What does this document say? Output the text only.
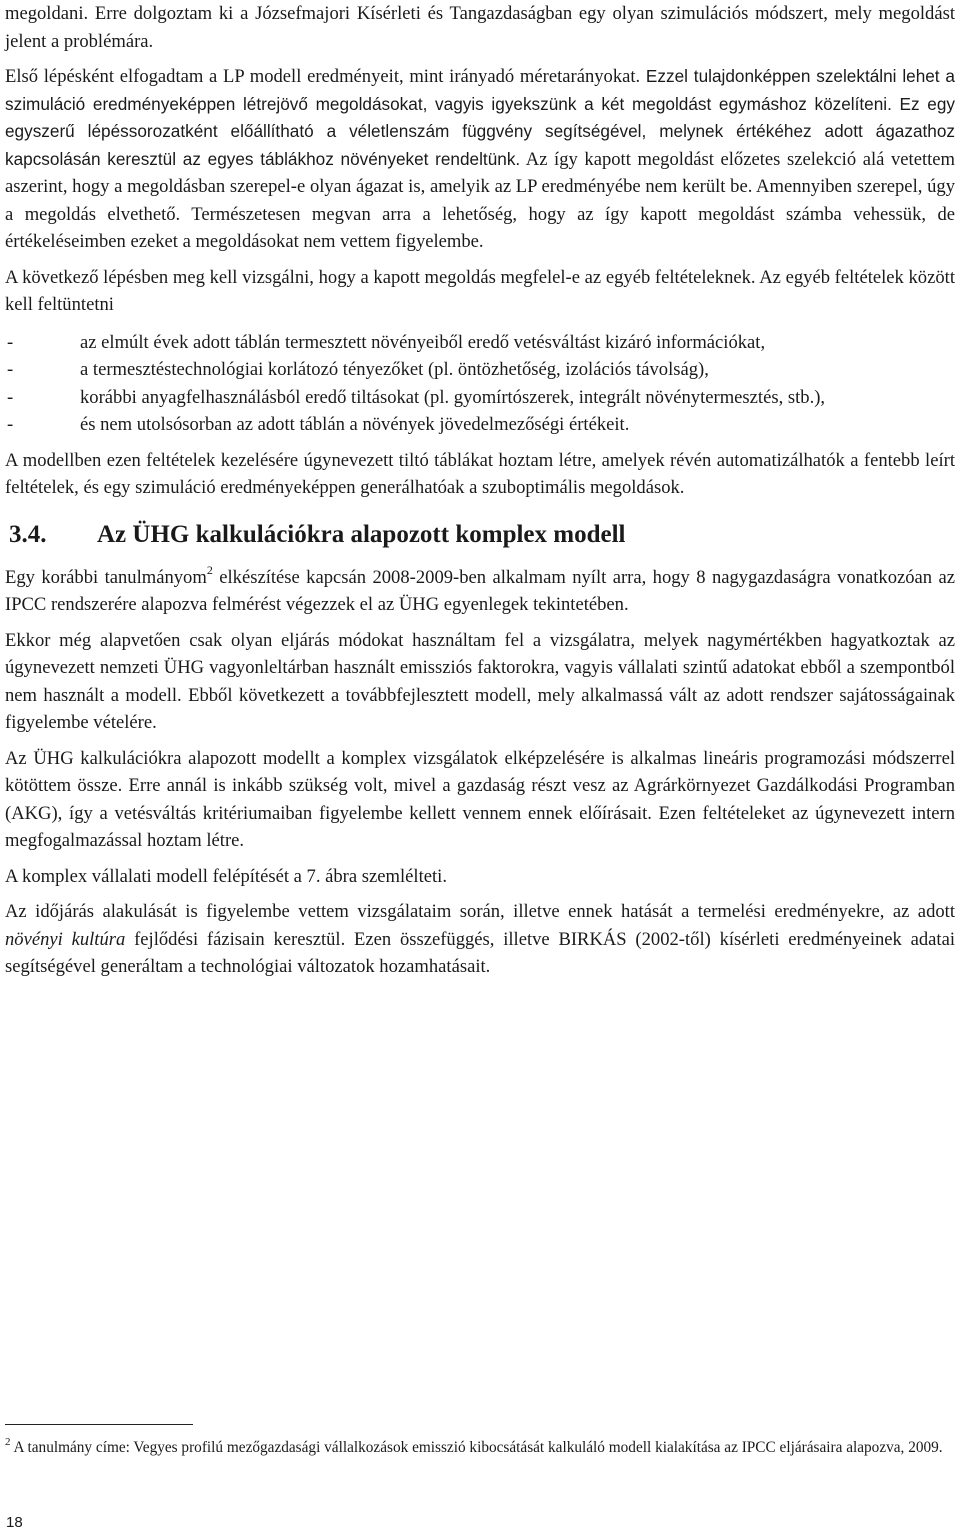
megoldani. Erre dolgoztam ki a Józsefmajori Kísérleti és Tangazdaságban egy olyan szimulációs módszert, mely megoldást jelent a problémára.

Első lépésként elfogadtam a LP modell eredményeit, mint irányadó méretarányokat. Ezzel tulajdonképpen szelektálni lehet a szimuláció eredményeképpen létrejövő megoldásokat, vagyis igyekszünk a két megoldást egymáshoz közelíteni. Ez egy egyszerű lépéssorozatként előállítható a véletlenszám függvény segítségével, melynek értékéhez adott ágazathoz kapcsolásán keresztül az egyes táblákhoz növényeket rendeltünk. Az így kapott megoldást előzetes szelekció alá vetettem aszerint, hogy a megoldásban szerepel-e olyan ágazat is, amelyik az LP eredményébe nem került be. Amennyiben szerepel, úgy a megoldás elvethető. Természetesen megvan arra a lehetőség, hogy az így kapott megoldást számba vehessük, de értékeléseimben ezeket a megoldásokat nem vettem figyelembe.

A következő lépésben meg kell vizsgálni, hogy a kapott megoldás megfelel-e az egyéb feltételeknek. Az egyéb feltételek között kell feltüntetni

-	az elmúlt évek adott táblán termesztett növényeiből eredő vetésváltást kizáró információkat,
-	a termesztéstechnológiai korlátozó tényezőket (pl. öntözhetőség, izolációs távolság),
-	korábbi anyagfelhasználásból eredő tiltásokat (pl. gyomírtószerek, integrált növénytermesztés, stb.),
-	és nem utolsósorban az adott táblán a növények jövedelmezőségi értékeit.

A modellben ezen feltételek kezelésére úgynevezett tiltó táblákat hoztam létre, amelyek révén automatizálhatók a fentebb leírt feltételek, és egy szimuláció eredményeképpen generálhatóak a szuboptimális megoldások.

3.4. Az ÜHG kalkulációkra alapozott komplex modell

Egy korábbi tanulmányom$^2$ elkészítése kapcsán 2008-2009-ben alkalmam nyílt arra, hogy 8 nagygazdaságra vonatkozóan az IPCC rendszerére alapozva felmérést végezzek el az ÜHG egyenlegek tekintetében.

Ekkor még alapvetően csak olyan eljárás módokat használtam fel a vizsgálatra, melyek nagymértékben hagyatkoztak az úgynevezett nemzeti ÜHG vagyonleltárban használt emissziós faktorokra, vagyis vállalati szintű adatokat ebből a szempontból nem használt a modell. Ebből következett a továbbfejlesztett modell, mely alkalmassá vált az adott rendszer sajátosságainak figyelembe vételére.

Az ÜHG kalkulációkra alapozott modellt a komplex vizsgálatok elképzelésére is alkalmas lineáris programozási módszerrel kötöttem össze. Erre annál is inkább szükség volt, mivel a gazdaság részt vesz az Agrárkörnyezet Gazdálkodási Programban (AKG), így a vetésváltás kritériumaiban figyelembe kellett vennem ennek előírásait. Ezen feltételeket az úgynevezett intern megfogalmazással hoztam létre.

A komplex vállalati modell felépítését a 7. ábra szemlélteti.

Az időjárás alakulását is figyelembe vettem vizsgálataim során, illetve ennek hatását a termelési eredményekre, az adott növényi kultúra fejlődési fázisain keresztül. Ezen összefüggés, illetve BIRKÁS (2002-től) kísérleti eredményeinek adatai segítségével generáltam a technológiai változatok hozamhatásait.

$^2$ A tanulmány címe: Vegyes profilú mezőgazdasági vállalkozások emisszió kibocsátását kalkuláló modell kialakítása az IPCC eljárásaira alapozva, 2009.
18
